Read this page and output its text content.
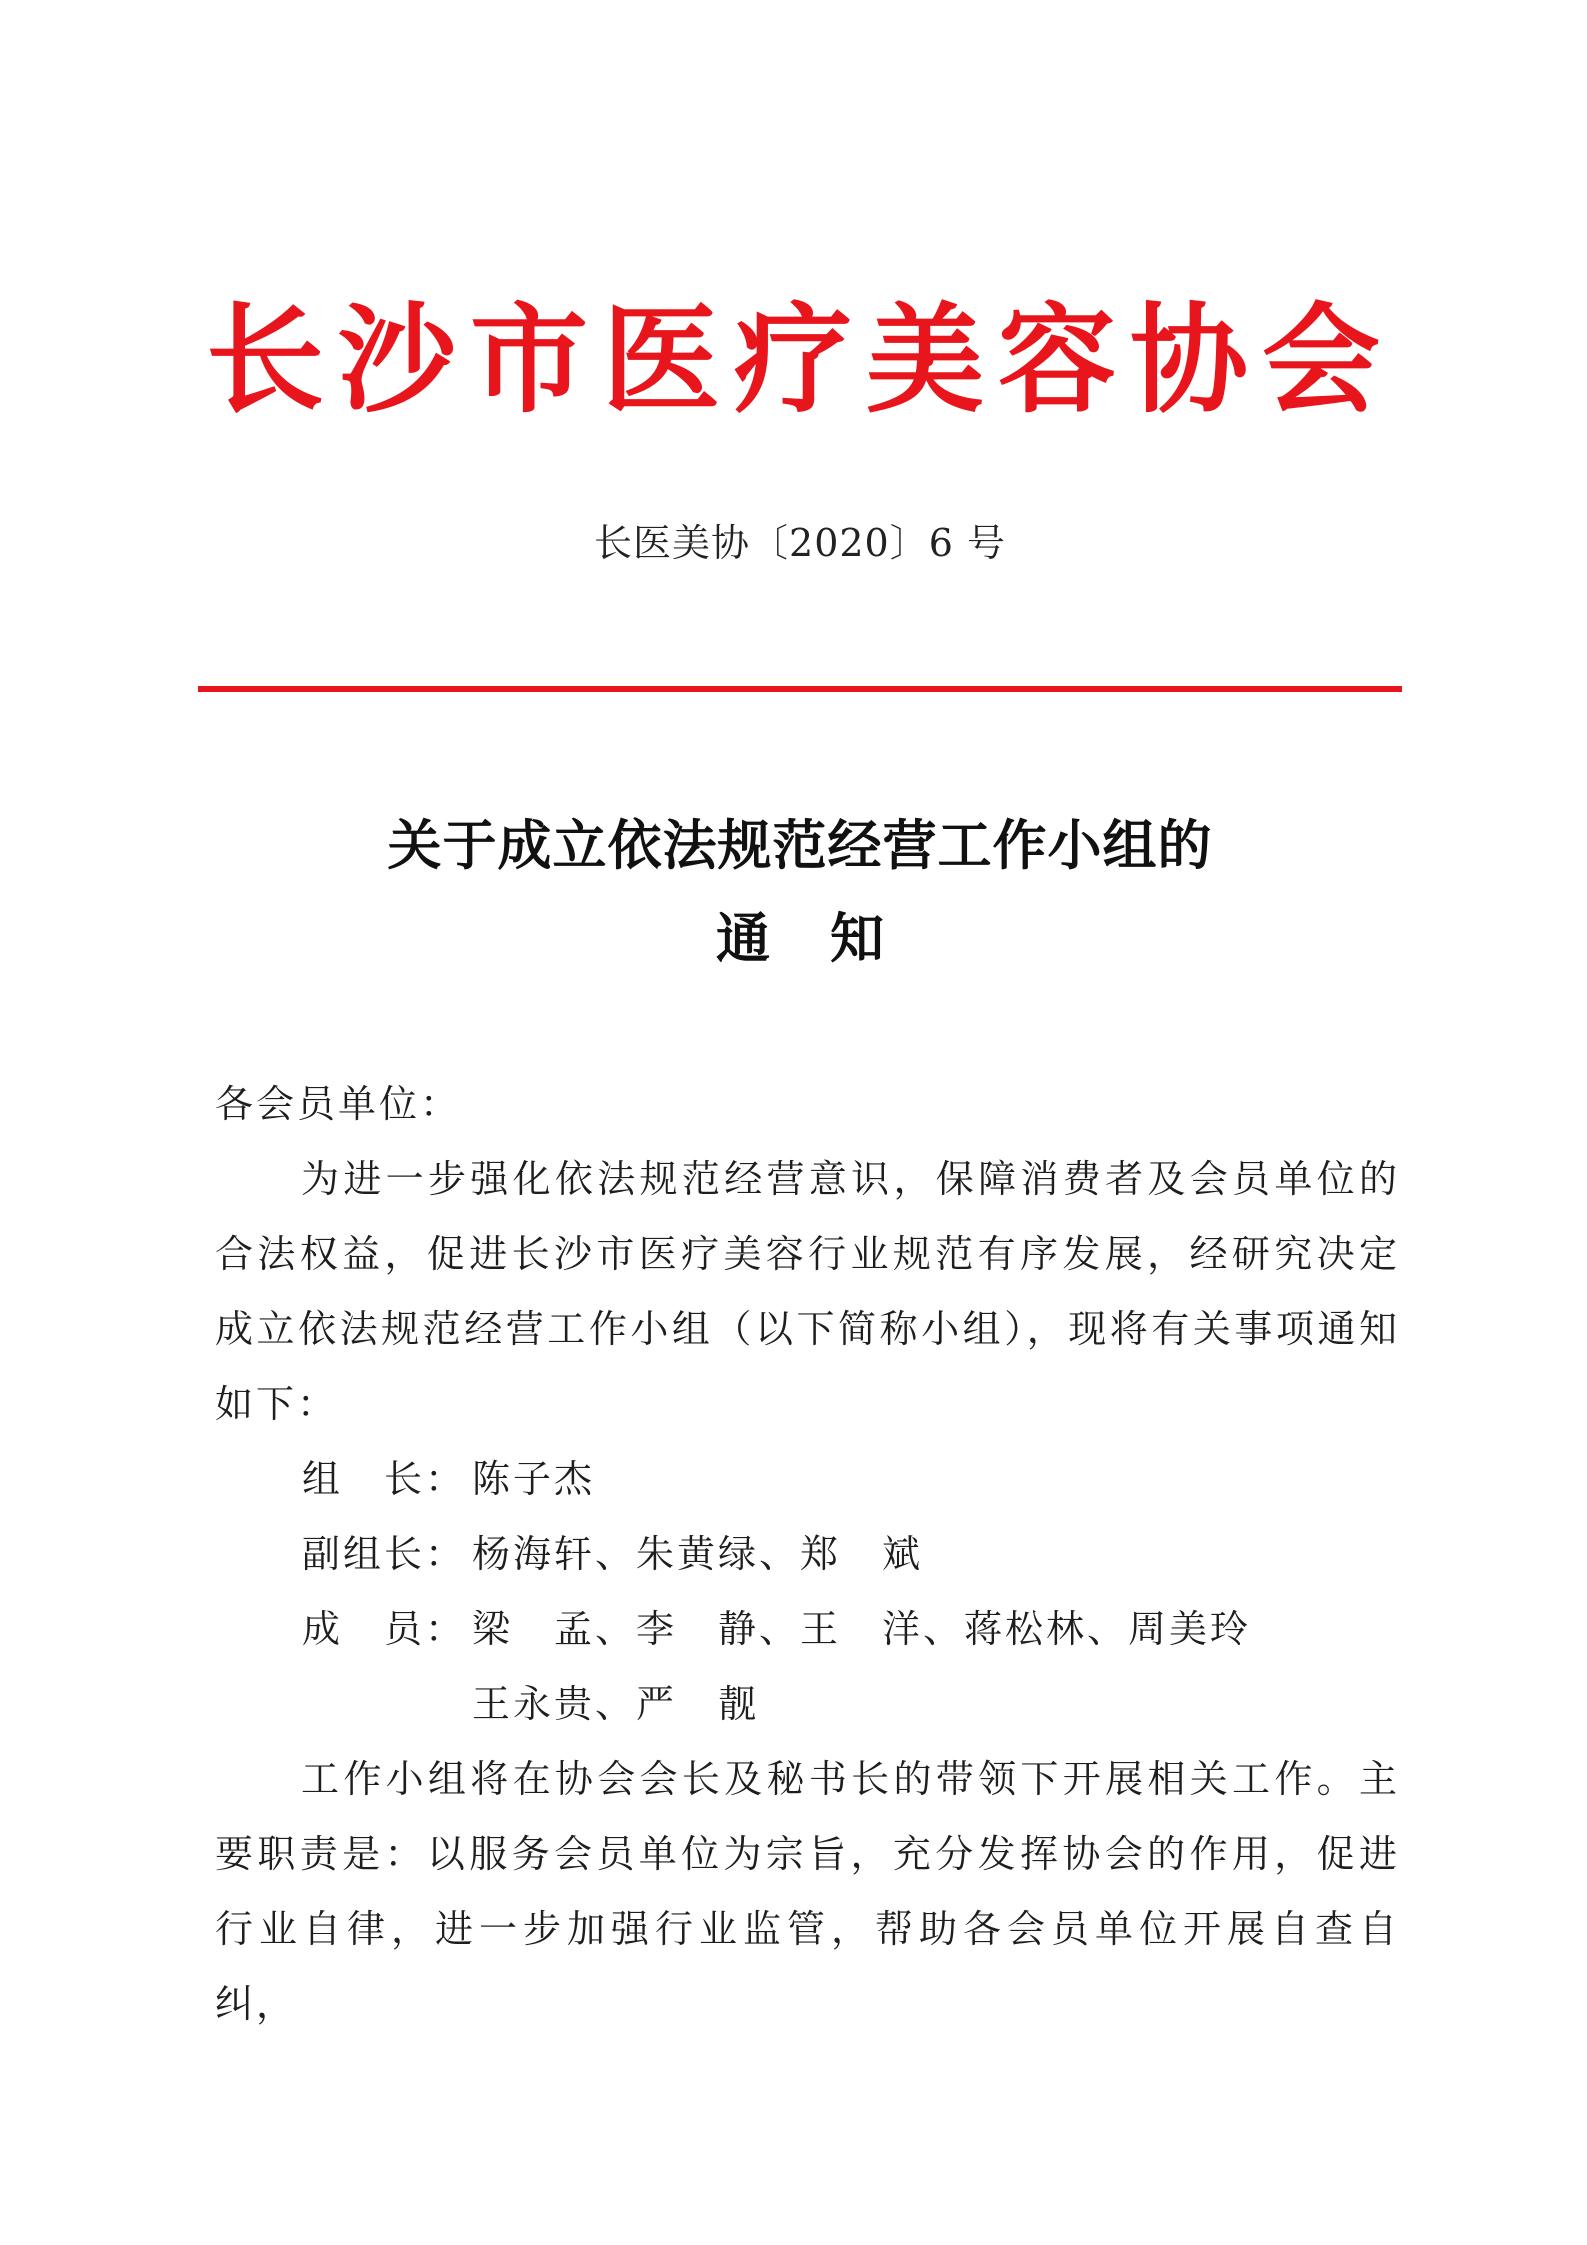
长沙市医疗美容协会
长医美协〔2020〕6 号
关于成立依法规范经营工作小组的
通知
各会员单位：
为进一步强化依法规范经营意识，保障消费者及会员单位的合法权益，促进长沙市医疗美容行业规范有序发展，经研究决定成立依法规范经营工作小组（以下简称小组），现将有关事项通知如下：
组　长： 陈子杰
副组长： 杨海轩、朱黄绿、郑　斌
成　员： 梁　孟、李　静、王　洋、蒋松林、周美玲
王永贵、严　靓
工作小组将在协会会长及秘书长的带领下开展相关工作。主要职责是：以服务会员单位为宗旨，充分发挥协会的作用，促进行业自律，进一步加强行业监管，帮助各会员单位开展自查自纠，
